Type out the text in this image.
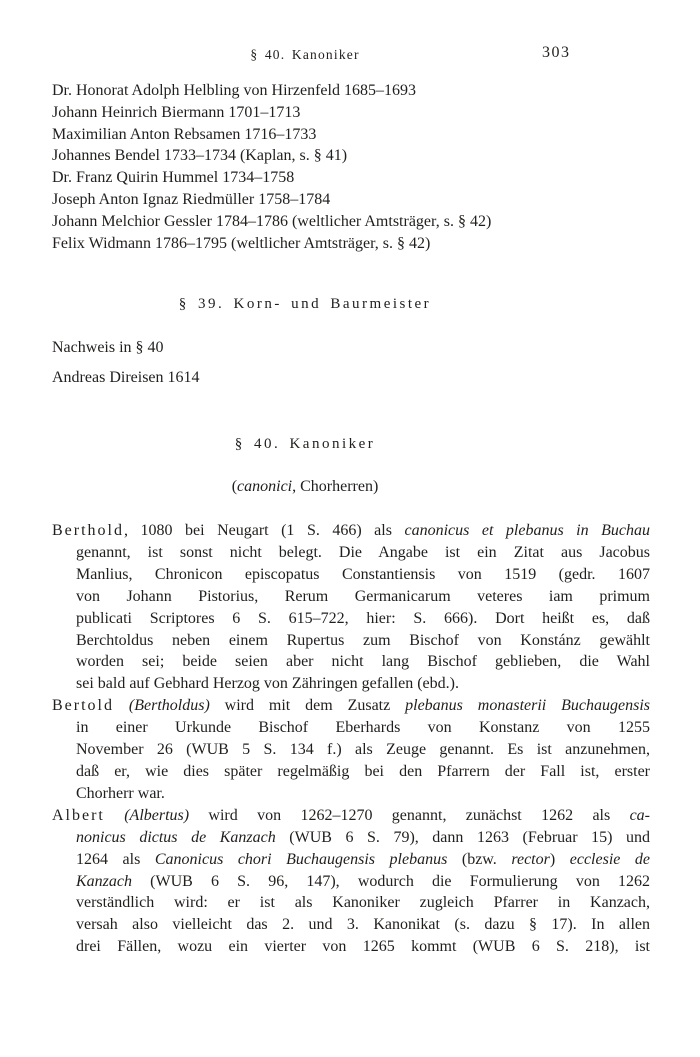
§ 40. Kanoniker	303
Dr. Honorat Adolph Helbling von Hirzenfeld 1685–1693
Johann Heinrich Biermann 1701–1713
Maximilian Anton Rebsamen 1716–1733
Johannes Bendel 1733–1734 (Kaplan, s. § 41)
Dr. Franz Quirin Hummel 1734–1758
Joseph Anton Ignaz Riedmüller 1758–1784
Johann Melchior Gessler 1784–1786 (weltlicher Amtsträger, s. § 42)
Felix Widmann 1786–1795 (weltlicher Amtsträger, s. § 42)
§ 39. Korn- und Baurmeister
Nachweis in § 40
Andreas Direisen 1614
§ 40. Kanoniker
(canonici, Chorherren)
Berthold, 1080 bei Neugart (1 S. 466) als canonicus et plebanus in Buchau
genannt, ist sonst nicht belegt. Die Angabe ist ein Zitat aus Jacobus
Manlius, Chronicon episcopatus Constantiensis von 1519 (gedr. 1607
von Johann Pistorius, Rerum Germanicarum veteres iam primum
publicati Scriptores 6 S. 615–722, hier: S. 666). Dort heißt es, daß
Berchtoldus neben einem Rupertus zum Bischof von Konstánz gewählt
worden sei; beide seien aber nicht lang Bischof geblieben, die Wahl
sei bald auf Gebhard Herzog von Zähringen gefallen (ebd.).
Bertold (Bertholdus) wird mit dem Zusatz plebanus monasterii Buchaugensis
in einer Urkunde Bischof Eberhards von Konstanz von 1255
November 26 (WUB 5 S. 134 f.) als Zeuge genannt. Es ist anzunehmen,
daß er, wie dies später regelmäßig bei den Pfarrern der Fall ist, erster
Chorherr war.
Albert (Albertus) wird von 1262–1270 genannt, zunächst 1262 als ca-
nonicus dictus de Kanzach (WUB 6 S. 79), dann 1263 (Februar 15) und
1264 als Canonicus chori Buchaugensis plebanus (bzw. rector) ecclesie de
Kanzach (WUB 6 S. 96, 147), wodurch die Formulierung von 1262
verständlich wird: er ist als Kanoniker zugleich Pfarrer in Kanzach,
versah also vielleicht das 2. und 3. Kanonikat (s. dazu § 17). In allen
drei Fällen, wozu ein vierter von 1265 kommt (WUB 6 S. 218), ist
